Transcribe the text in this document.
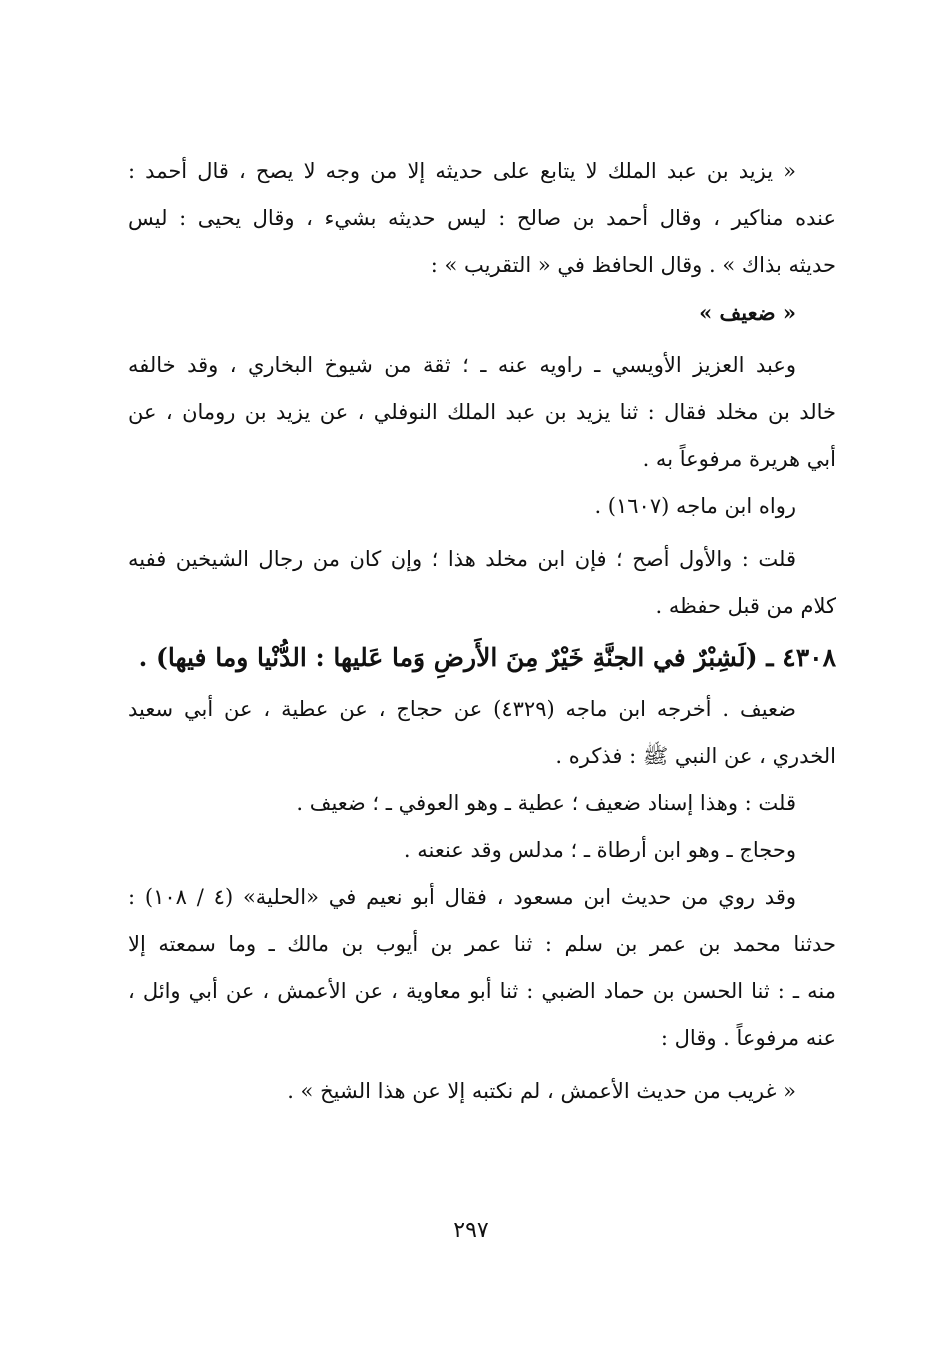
« يزيد بن عبد الملك لا يتابع على حديثه إلا من وجه لا يصح ، قال أحمد :
عنده مناكير ، وقال أحمد بن صالح : ليس حديثه بشيء ، وقال يحيى : ليس
حديثه بذاك » . وقال الحافظ في « التقريب » :
« ضعيف »
وعبد العزيز الأويسي ـ راويه عنه ـ ؛ ثقة من شيوخ البخاري ، وقد خالفه
خالد بن مخلد فقال : ثنا يزيد بن عبد الملك النوفلي ، عن يزيد بن رومان ، عن
أبي هريرة مرفوعاً به .
رواه ابن ماجه (١٦٠٧) .
قلت : والأول أصح ؛ فإن ابن مخلد هذا ؛ وإن كان من رجال الشيخين ففيه
كلام من قبل حفظه .
٤٣٠٨ ـ (لَشِبْرٌ في الجنَّةِ خَيْرٌ مِنَ الأَرضِ وَما عَليها : الدُّنْيا وما فيها) .
ضعيف . أخرجه ابن ماجه (٤٣٢٩) عن حجاج ، عن عطية ، عن أبي سعيد
الخدري ، عن النبي ﷺ : فذكره .
قلت : وهذا إسناد ضعيف ؛ عطية ـ وهو العوفي ـ ؛ ضعيف .
وحجاج ـ وهو ابن أرطاة ـ ؛ مدلس وقد عنعنه .
وقد روي من حديث ابن مسعود ، فقال أبو نعيم في «الحلية» (٤ / ١٠٨) :
حدثنا محمد بن عمر بن سلم : ثنا عمر بن أيوب بن مالك ـ وما سمعته إلا
منه ـ : ثنا الحسن بن حماد الضبي : ثنا أبو معاوية ، عن الأعمش ، عن أبي وائل ،
عنه مرفوعاً . وقال :
« غريب من حديث الأعمش ، لم نكتبه إلا عن هذا الشيخ » .
٢٩٧
